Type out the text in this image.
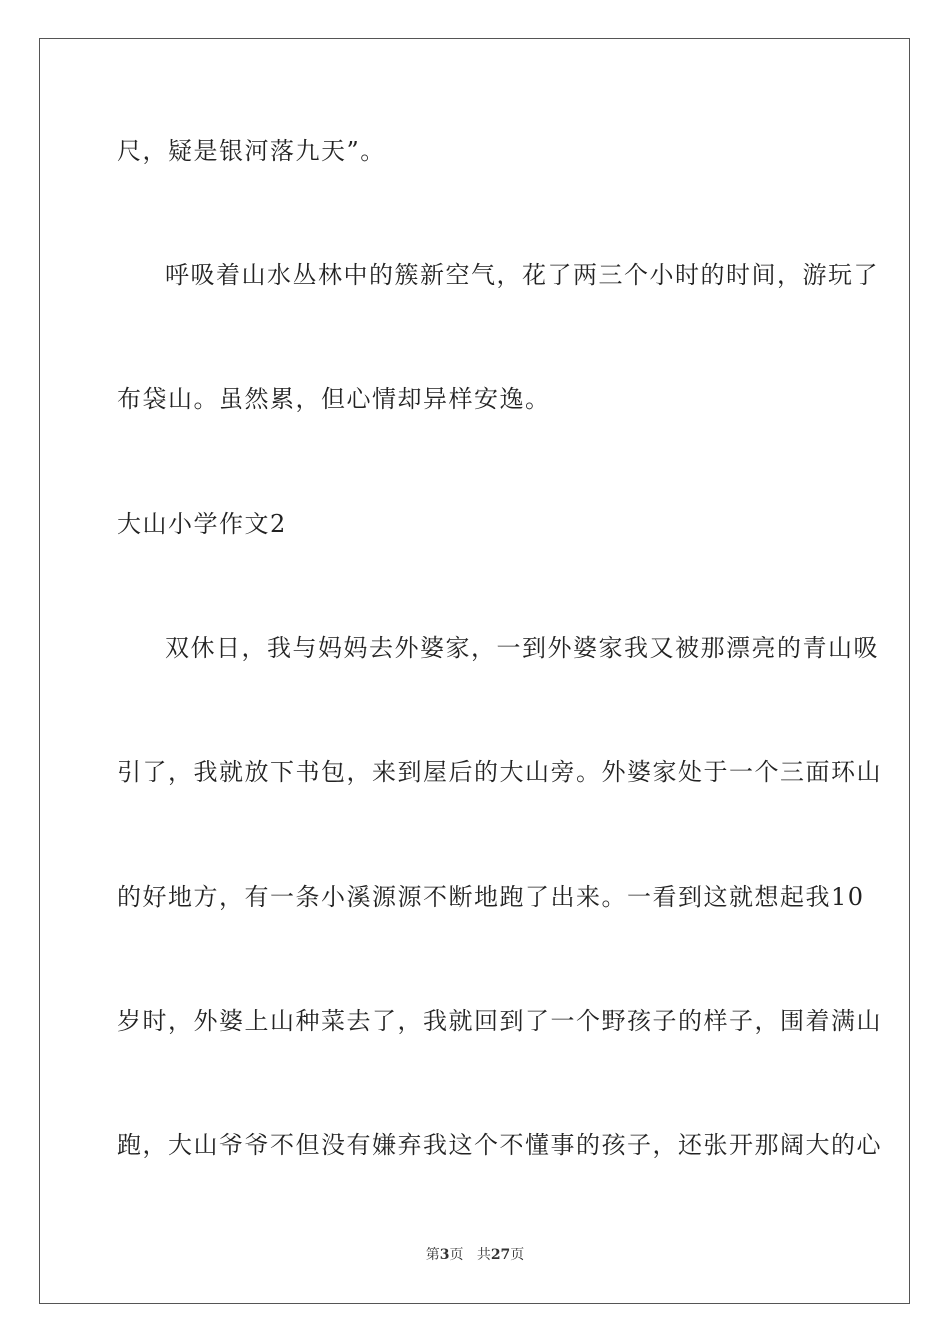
尺，疑是银河落九天”。
呼吸着山水丛林中的簇新空气，花了两三个小时的时间，游玩了
布袋山。虽然累，但心情却异样安逸。
大山小学作文2
双休日，我与妈妈去外婆家，一到外婆家我又被那漂亮的青山吸
引了，我就放下书包，来到屋后的大山旁。外婆家处于一个三面环山
的好地方，有一条小溪源源不断地跑了出来。一看到这就想起我10
岁时，外婆上山种菜去了，我就回到了一个野孩子的样子，围着满山
跑，大山爷爷不但没有嫌弃我这个不懂事的孩子，还张开那阔大的心
第3页 共27页
